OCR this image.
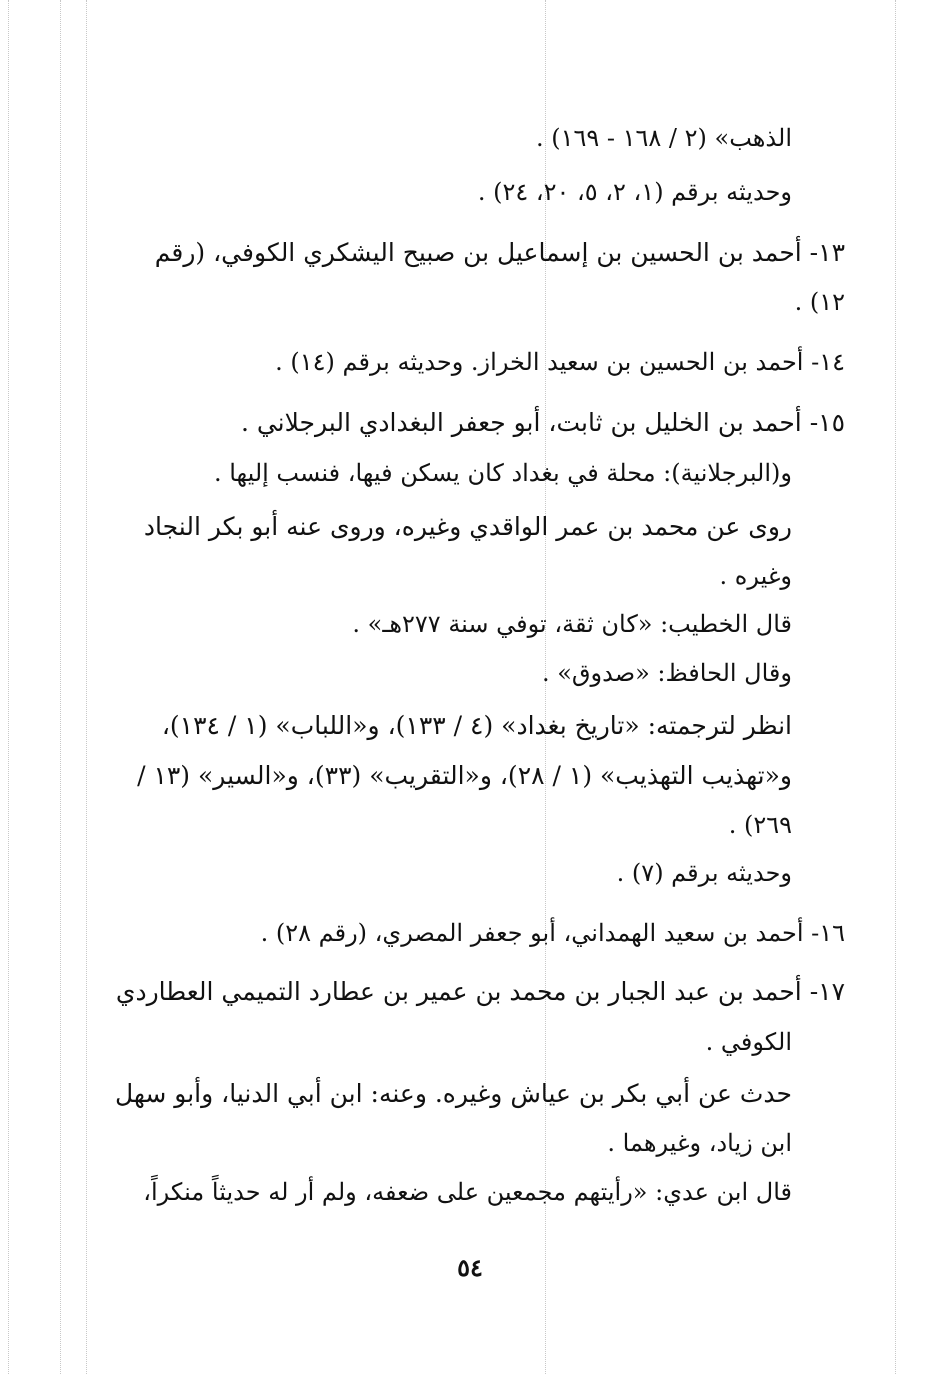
الذهب» (٢ / ١٦٨ - ١٦٩) .
وحديثه برقم (١، ٢، ٥، ٢٠، ٢٤) .
١٣- أحمد بن الحسين بن إسماعيل بن صبيح اليشكري الكوفي، (رقم
١٢) .
١٤- أحمد بن الحسين بن سعيد الخراز. وحديثه برقم (١٤) .
١٥- أحمد بن الخليل بن ثابت، أبو جعفر البغدادي البرجلاني .
و(البرجلانية): محلة في بغداد كان يسكن فيها، فنسب إليها .
روى عن محمد بن عمر الواقدي وغيره، وروى عنه أبو بكر النجاد
وغيره .
قال الخطيب: «كان ثقة، توفي سنة ٢٧٧هـ» .
وقال الحافظ: «صدوق» .
انظر لترجمته: «تاريخ بغداد» (٤ / ١٣٣)، و«اللباب» (١ / ١٣٤)،
و«تهذيب التهذيب» (١ / ٢٨)، و«التقريب» (٣٣)، و«السير» (١٣ /
٢٦٩) .
وحديثه برقم (٧) .
١٦- أحمد بن سعيد الهمداني، أبو جعفر المصري، (رقم ٢٨) .
١٧- أحمد بن عبد الجبار بن محمد بن عمير بن عطارد التميمي العطاردي
الكوفي .
حدث عن أبي بكر بن عياش وغيره. وعنه: ابن أبي الدنيا، وأبو سهل
ابن زياد، وغيرهما .
قال ابن عدي: «رأيتهم مجمعين على ضعفه، ولم أر له حديثاً منكراً،
٥٤
